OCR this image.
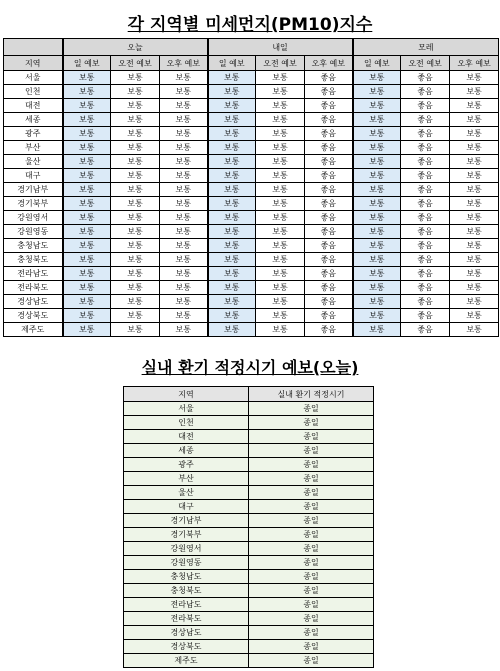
각 지역별 미세먼지(PM10)지수
	오늘			내일			모레		
지역	일 예보	오전 예보	오후 예보	일 예보	오전 예보	오후 예보	일 예보	오전 예보	오후 예보
서울	보통	보통	보통	보통	보통	좋음	보통	좋음	보통
인천	보통	보통	보통	보통	보통	좋음	보통	좋음	보통
대전	보통	보통	보통	보통	보통	좋음	보통	좋음	보통
세종	보통	보통	보통	보통	보통	좋음	보통	좋음	보통
광주	보통	보통	보통	보통	보통	좋음	보통	좋음	보통
부산	보통	보통	보통	보통	보통	좋음	보통	좋음	보통
울산	보통	보통	보통	보통	보통	좋음	보통	좋음	보통
대구	보통	보통	보통	보통	보통	좋음	보통	좋음	보통
경기남부	보통	보통	보통	보통	보통	좋음	보통	좋음	보통
경기북부	보통	보통	보통	보통	보통	좋음	보통	좋음	보통
강원영서	보통	보통	보통	보통	보통	좋음	보통	좋음	보통
강원영동	보통	보통	보통	보통	보통	좋음	보통	좋음	보통
충청남도	보통	보통	보통	보통	보통	좋음	보통	좋음	보통
충청북도	보통	보통	보통	보통	보통	좋음	보통	좋음	보통
전라남도	보통	보통	보통	보통	보통	좋음	보통	좋음	보통
전라북도	보통	보통	보통	보통	보통	좋음	보통	좋음	보통
경상남도	보통	보통	보통	보통	보통	좋음	보통	좋음	보통
경상북도	보통	보통	보통	보통	보통	좋음	보통	좋음	보통
제주도	보통	보통	보통	보통	보통	좋음	보통	좋음	보통
실내 환기 적정시기 예보(오늘)
지역	실내 환기 적정시기
서울	종일
인천	종일
대전	종일
세종	종일
광주	종일
부산	종일
울산	종일
대구	종일
경기남부	종일
경기북부	종일
강원영서	종일
강원영동	종일
충청남도	종일
충청북도	종일
전라남도	종일
전라북도	종일
경상남도	종일
경상북도	종일
제주도	종일
